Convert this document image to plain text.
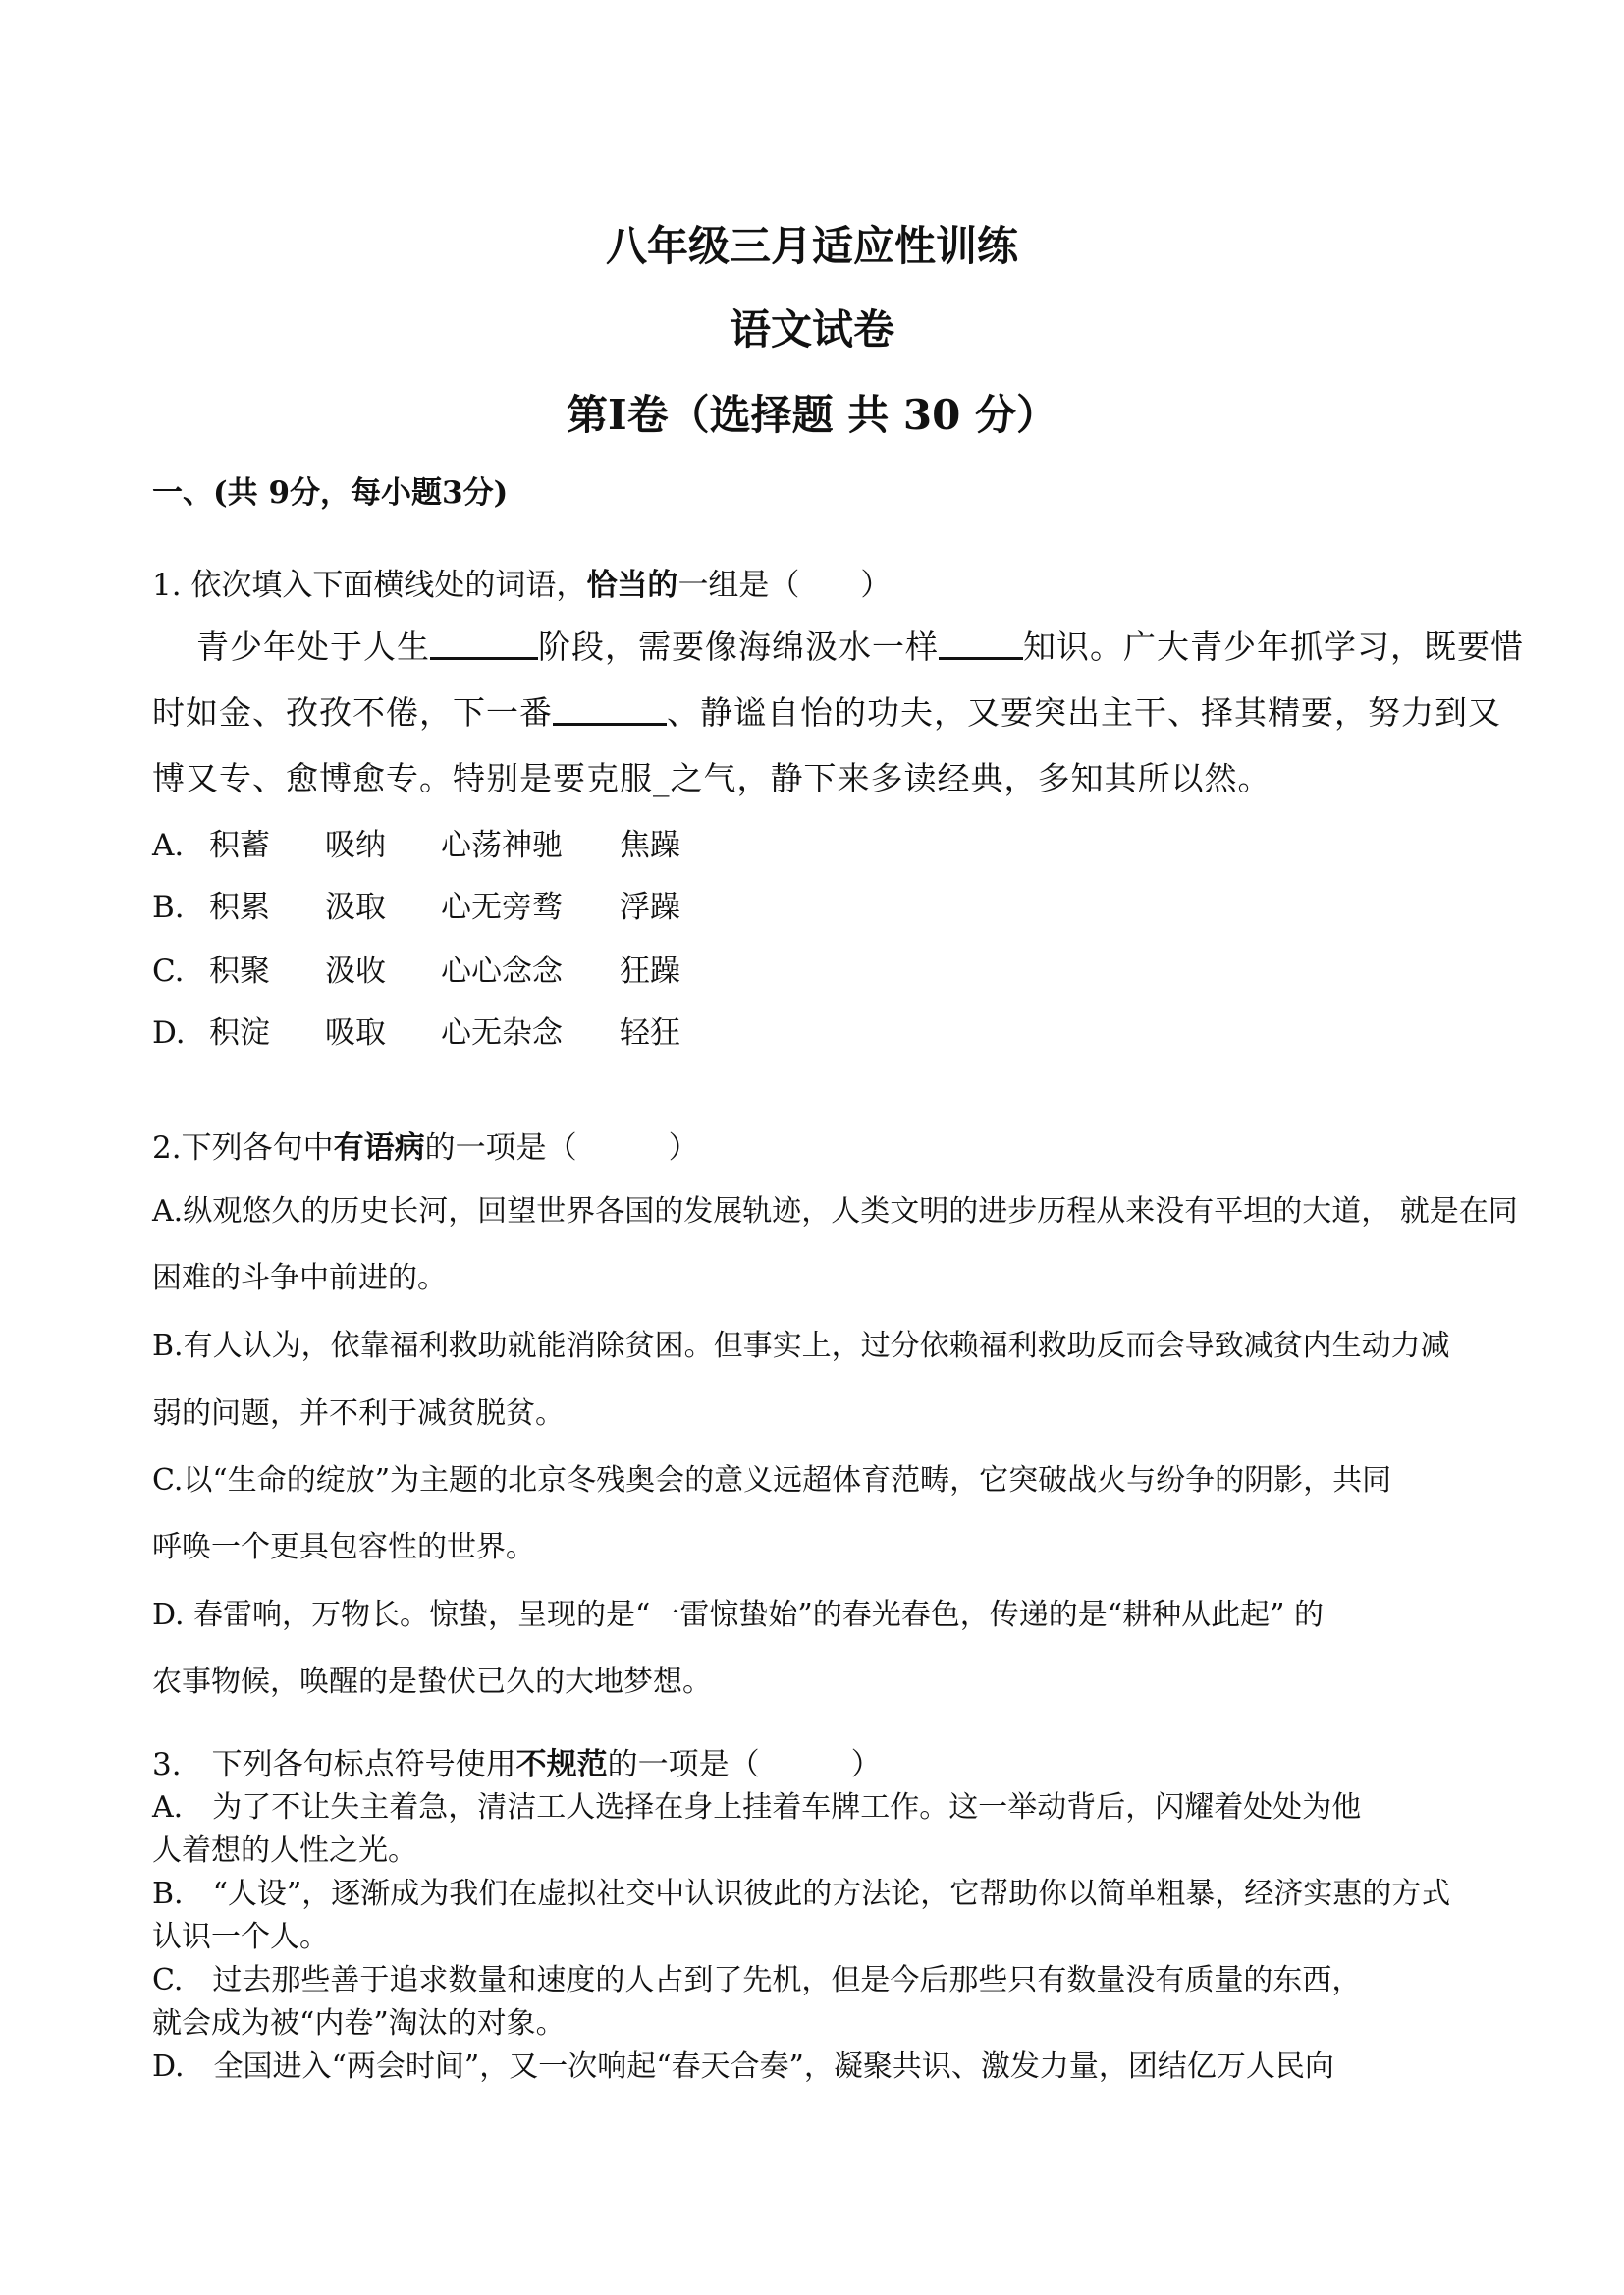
八年级三月适应性训练
语文试卷
第Ⅰ卷（选择题 共 30 分）
一、(共 9分，每小题3分)
1. 依次填入下面横线处的词语，恰当的一组是（　　）
青少年处于人生	阶段，需要像海绵汲水一样	知识。广大青少年抓学习，既要惜
时如金、孜孜不倦，下一番	、静谧自怡的功夫，又要突出主干、择其精要，努力到又
博又专、愈博愈专。特别是要克服_之气，静下来多读经典，多知其所以然。
A. 积蓄 吸纳 心荡神驰 焦躁
B. 积累 汲取 心无旁骛 浮躁
C. 积聚 汲收 心心念念 狂躁
D. 积淀 吸取 心无杂念 轻狂
2.下列各句中有语病的一项是（　　　）
A.纵观悠久的历史长河，回望世界各国的发展轨迹，人类文明的进步历程从来没有平坦的大道， 就是在同
困难的斗争中前进的。
B.有人认为，依靠福利救助就能消除贫困。但事实上，过分依赖福利救助反而会导致减贫内生动力减
弱的问题，并不利于减贫脱贫。
C.以“生命的绽放”为主题的北京冬残奥会的意义远超体育范畴，它突破战火与纷争的阴影，共同
呼唤一个更具包容性的世界。
D. 春雷响，万物长。惊蛰，呈现的是“一雷惊蛰始”的春光春色，传递的是“耕种从此起” 的
农事物候，唤醒的是蛰伏已久的大地梦想。
3.　下列各句标点符号使用不规范的一项是（　　　）
A.　为了不让失主着急，清洁工人选择在身上挂着车牌工作。这一举动背后，闪耀着处处为他
人着想的人性之光。
B.　“人设”，逐渐成为我们在虚拟社交中认识彼此的方法论，它帮助你以简单粗暴，经济实惠的方式
认识一个人。
C.　过去那些善于追求数量和速度的人占到了先机，但是今后那些只有数量没有质量的东西，
就会成为被“内卷”淘汰的对象。
D.　全国进入“两会时间”，又一次响起“春天合奏”，凝聚共识、激发力量，团结亿万人民向
